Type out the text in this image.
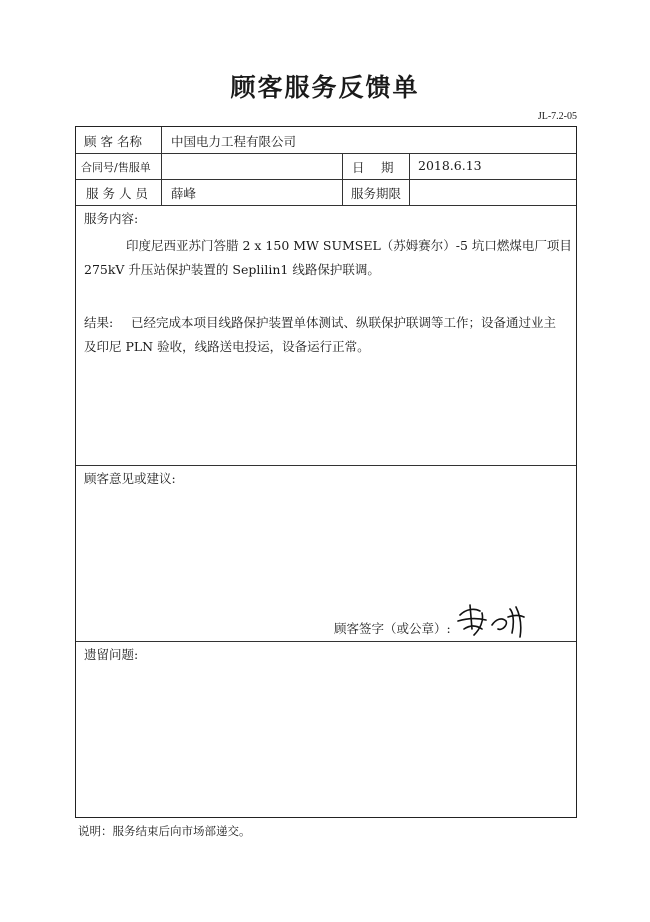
顾客服务反馈单
JL-7.2-05
顾 客 名称 中国电力工程有限公司
合同号/售服单	日　 期 2018.6.13
服 务 人 员 薛峰	服务期限
服务内容:
印度尼西亚苏门答腊 2 x 150 MW SUMSEL（苏姆赛尔）-5 坑口燃煤电厂项目
275kV 升压站保护装置的 Seplilin1 线路保护联调。
结果: 已经完成本项目线路保护装置单体测试、纵联保护联调等工作；设备通过业主
及印尼 PLN 验收，线路送电投运，设备运行正常。
顾客意见或建议:
顾客签字（或公章）:
遗留问题:
说明：服务结束后向市场部递交。
